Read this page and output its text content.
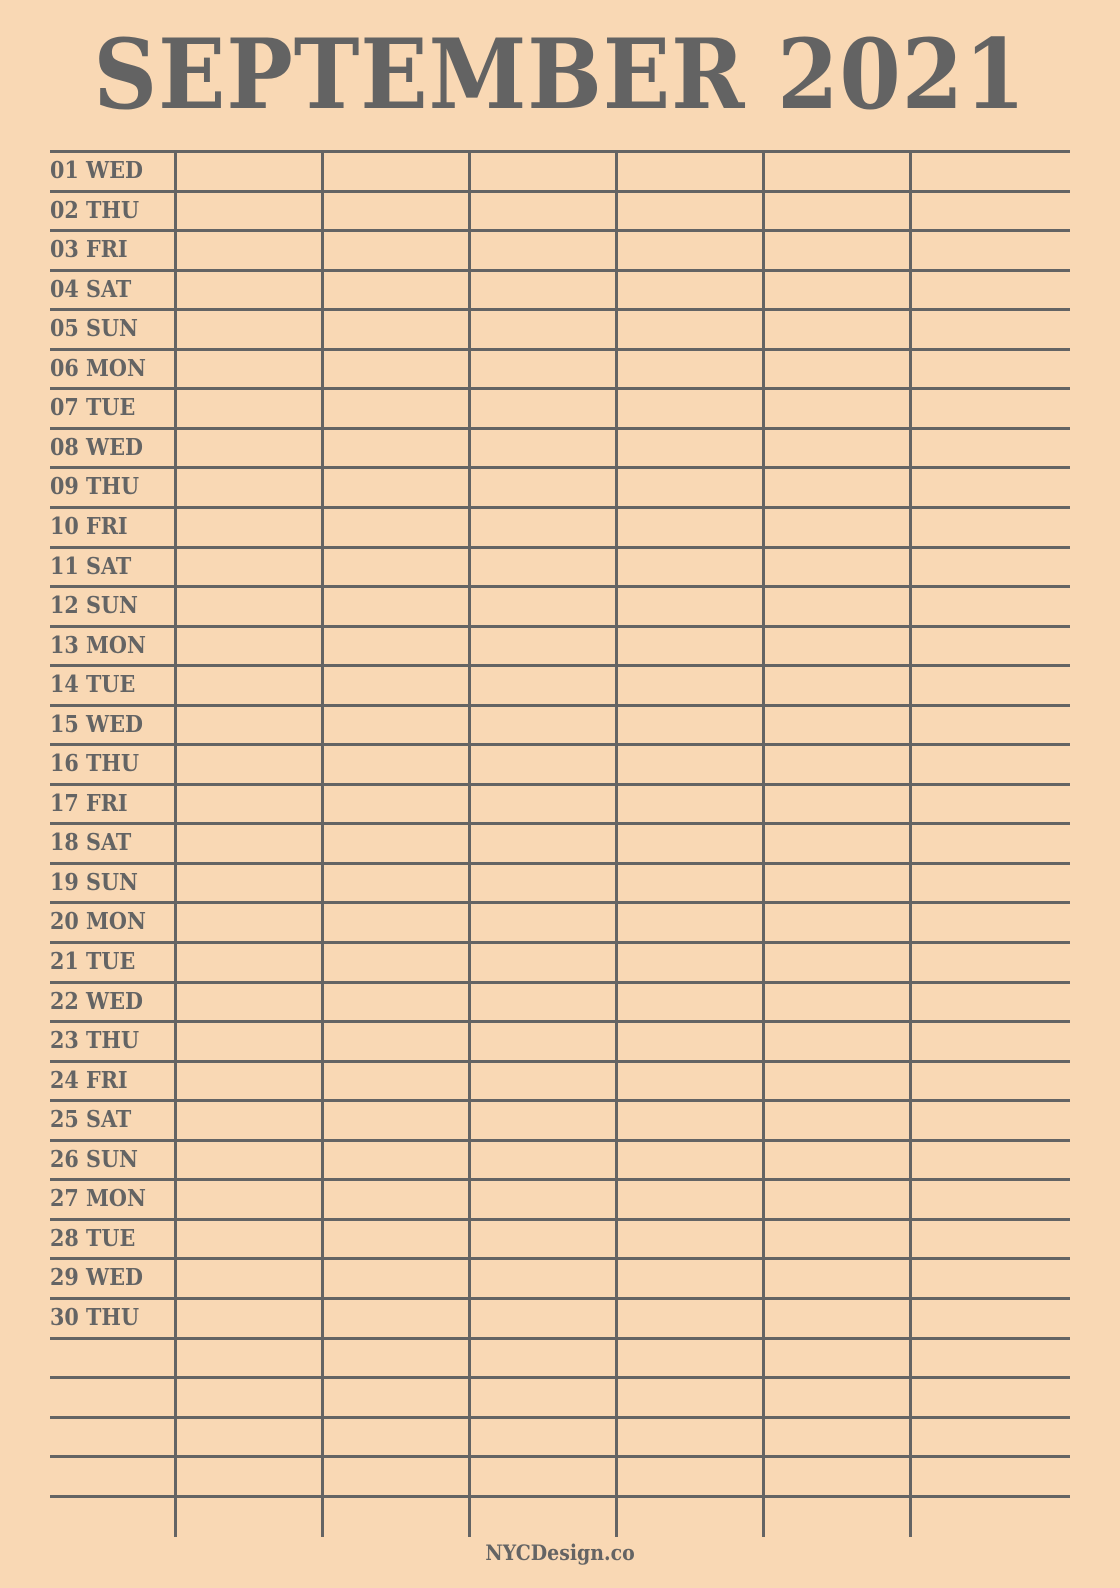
SEPTEMBER 2021
01 WED
02 THU
03 FRI
04 SAT
05 SUN
06 MON
07 TUE
08 WED
09 THU
10 FRI
11 SAT
12 SUN
13 MON
14 TUE
15 WED
16 THU
17 FRI
18 SAT
19 SUN
20 MON
21 TUE
22 WED
23 THU
24 FRI
25 SAT
26 SUN
27 MON
28 TUE
29 WED
30 THU
NYCDesign.co
